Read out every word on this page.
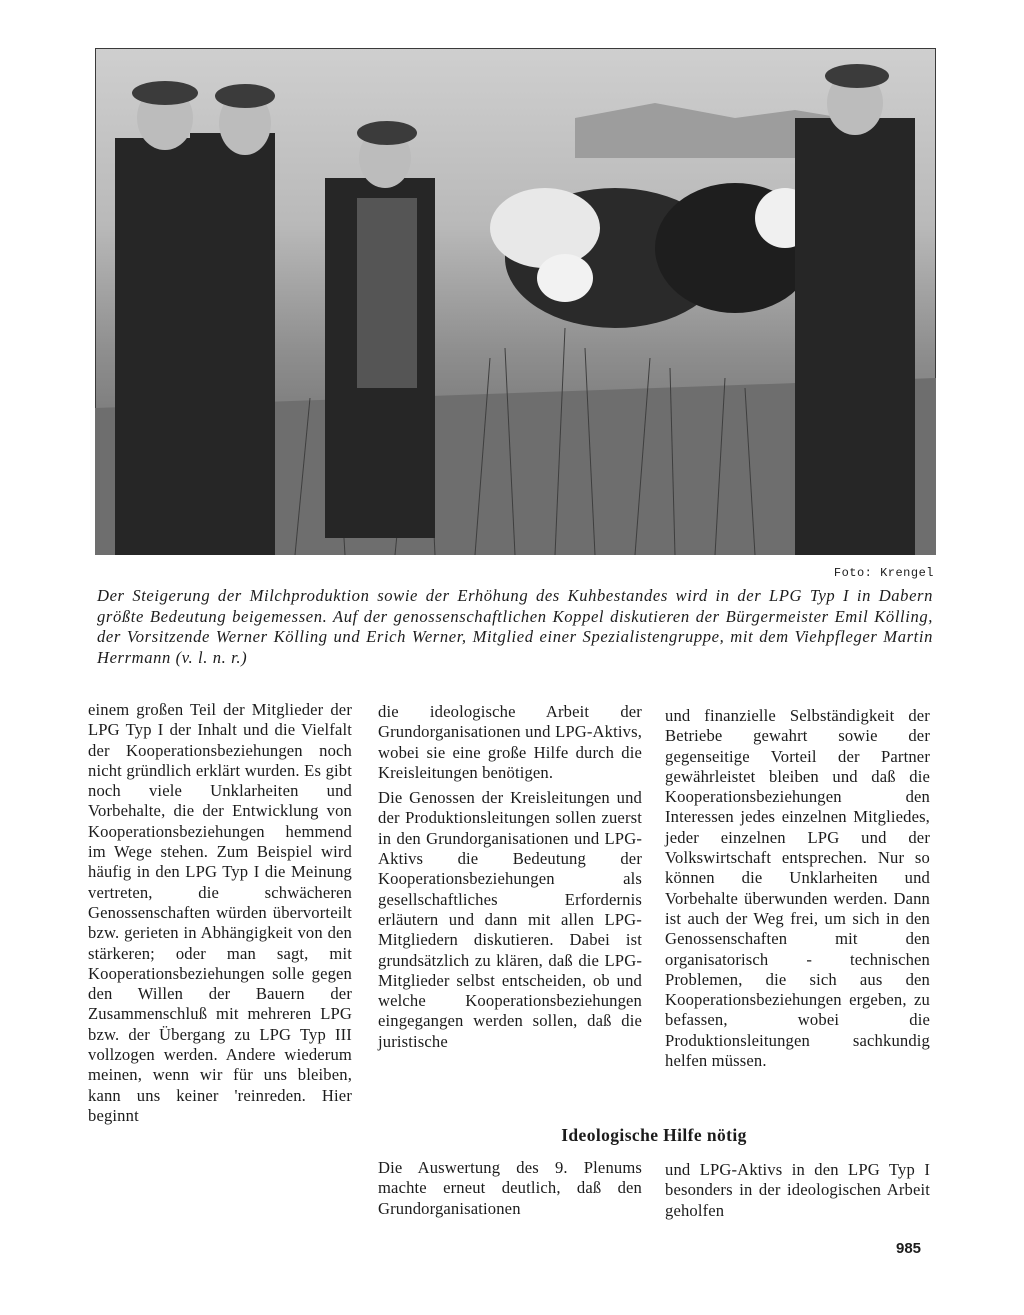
Foto: Krengel
Der Steigerung der Milchproduktion sowie der Erhöhung des Kuhbestandes wird in der LPG Typ I in Dabern größte Bedeutung beigemessen. Auf der genossenschaftlichen Koppel diskutieren der Bürgermeister Emil Kölling, der Vorsitzende Werner Kölling und Erich Werner, Mitglied einer Spezialistengruppe, mit dem Viehpfleger Martin Herrmann (v. l. n. r.)

einem großen Teil der Mitglieder der LPG Typ I der Inhalt und die Vielfalt der Kooperationsbeziehungen noch nicht gründlich erklärt wurden. Es gibt noch viele Unklarheiten und Vorbehalte, die der Entwicklung von Kooperationsbeziehungen hemmend im Wege stehen. Zum Beispiel wird häufig in den LPG Typ I die Meinung vertreten, die schwächeren Genossenschaften würden übervorteilt bzw. gerieten in Abhängigkeit von den stärkeren; oder man sagt, mit Kooperationsbeziehungen solle gegen den Willen der Bauern der Zusammenschluß mit mehreren LPG bzw. der Übergang zu LPG Typ III vollzogen werden. Andere wiederum meinen, wenn wir für uns bleiben, kann uns keiner 'reinreden. Hier beginnt

die ideologische Arbeit der Grundorganisationen und LPG-Aktivs, wobei sie eine große Hilfe durch die Kreisleitungen benötigen.

Die Genossen der Kreisleitungen und der Produktionsleitungen sollen zuerst in den Grundorganisationen und LPG-Aktivs die Bedeutung der Kooperationsbeziehungen als gesellschaftliches Erfordernis erläutern und dann mit allen LPG-Mitgliedern diskutieren. Dabei ist grundsätzlich zu klären, daß die LPG-Mitglieder selbst entscheiden, ob und welche Kooperationsbeziehungen eingegangen werden sollen, daß die juristische

und finanzielle Selbständigkeit der Betriebe gewahrt sowie der gegenseitige Vorteil der Partner gewährleistet bleiben und daß die Kooperationsbeziehungen den Interessen jedes einzelnen Mitgliedes, jeder einzelnen LPG und der Volkswirtschaft entsprechen. Nur so können die Unklarheiten und Vorbehalte überwunden werden. Dann ist auch der Weg frei, um sich in den Genossenschaften mit den organisatorisch - technischen Problemen, die sich aus den Kooperationsbeziehungen ergeben, zu befassen, wobei die Produktionsleitungen sachkundig helfen müssen.

Ideologische Hilfe nötig

Die Auswertung des 9. Plenums machte erneut deutlich, daß den Grundorganisationen

und LPG-Aktivs in den LPG Typ I besonders in der ideologischen Arbeit geholfen

985
